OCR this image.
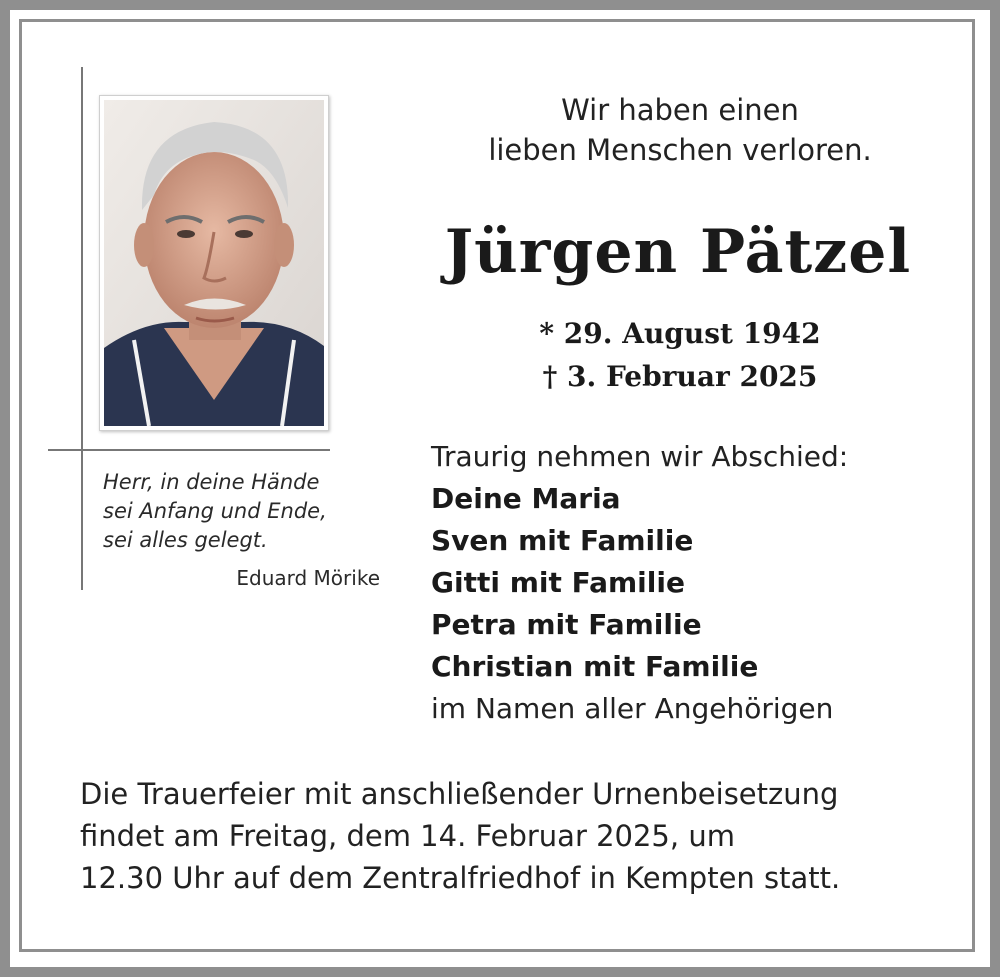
Herr, in deine Hände
sei Anfang und Ende,
sei alles gelegt.
Eduard Mörike
Wir haben einen
lieben Menschen verloren.
Jürgen Pätzel
* 29. August 1942
† 3. Februar 2025
Traurig nehmen wir Abschied:
Deine Maria
Sven mit Familie
Gitti mit Familie
Petra mit Familie
Christian mit Familie
im Namen aller Angehörigen
Die Trauerfeier mit anschließender Urnenbeisetzung
findet am Freitag, dem 14. Februar 2025, um
12.30 Uhr auf dem Zentralfriedhof in Kempten statt.
